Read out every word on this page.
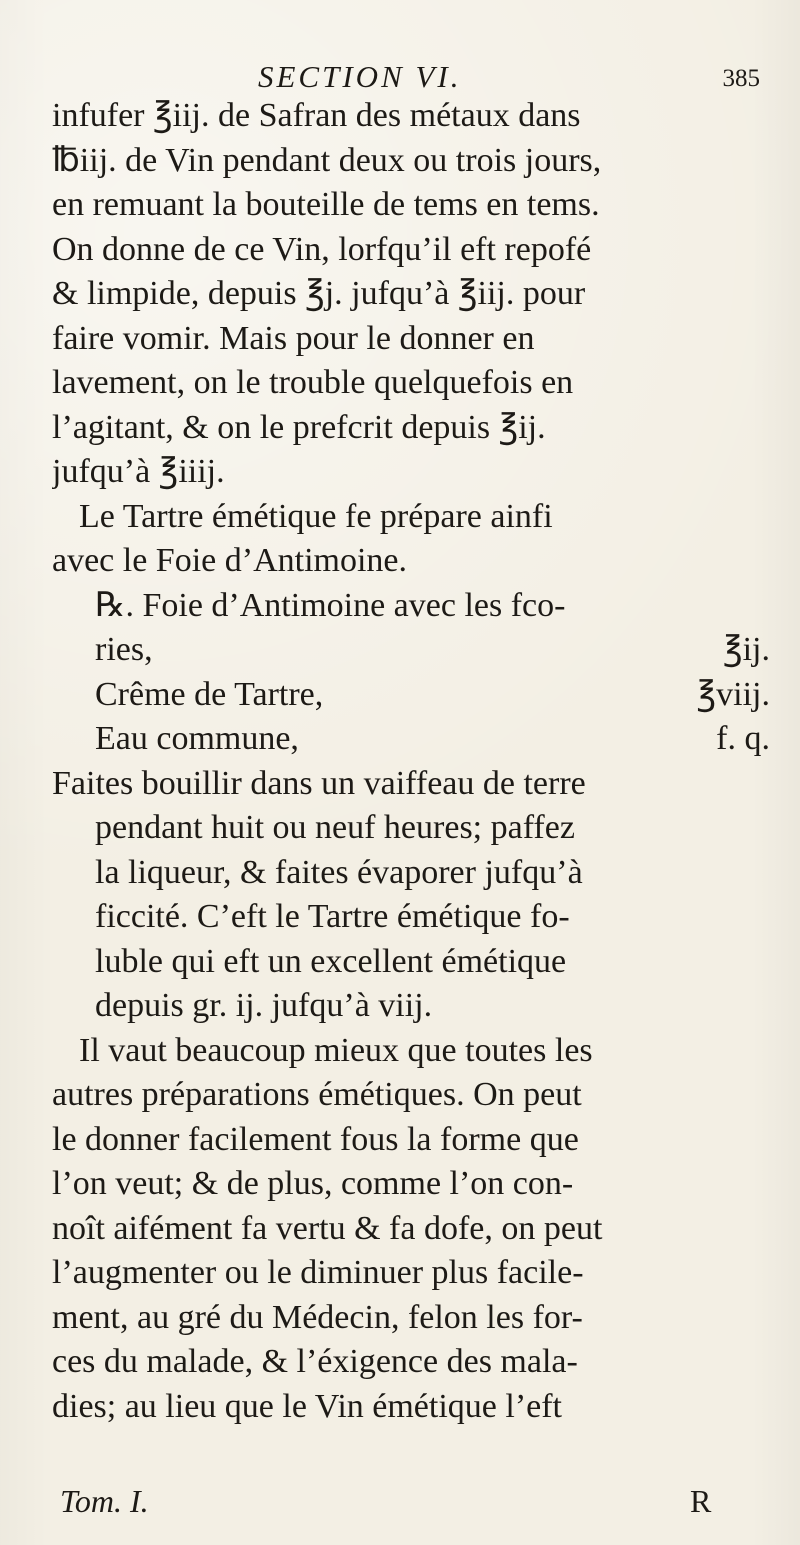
SECTION VI.	385
infufer ℥iij. de Safran des métaux dans
℔iij. de Vin pendant deux ou trois jours,
en remuant la bouteille de tems en tems.
On donne de ce Vin, lorfqu’il eft repofé
& limpide, depuis ℥j. jufqu’à ℥iij. pour
faire vomir. Mais pour le donner en
lavement, on le trouble quelquefois en
l’agitant, & on le prefcrit depuis ℥ij.
jufqu’à ℥iiij.
Le Tartre émétique fe prépare ainfi
avec le Foie d’Antimoine.
℞. Foie d’Antimoine avec les fco-
ries,	℥ij.
Crême de Tartre,	℥viij.
Eau commune,	f. q.
Faites bouillir dans un vaiffeau de terre
pendant huit ou neuf heures; paffez
la liqueur, & faites évaporer jufqu’à
ficcité. C’eft le Tartre émétique fo-
luble qui eft un excellent émétique
depuis gr. ij. jufqu’à viij.
Il vaut beaucoup mieux que toutes les
autres préparations émétiques. On peut
le donner facilement fous la forme que
l’on veut; & de plus, comme l’on con-
noît aifément fa vertu & fa dofe, on peut
l’augmenter ou le diminuer plus facile-
ment, au gré du Médecin, felon les for-
ces du malade, & l’éxigence des mala-
dies; au lieu que le Vin émétique l’eft
Tom. I.	R
